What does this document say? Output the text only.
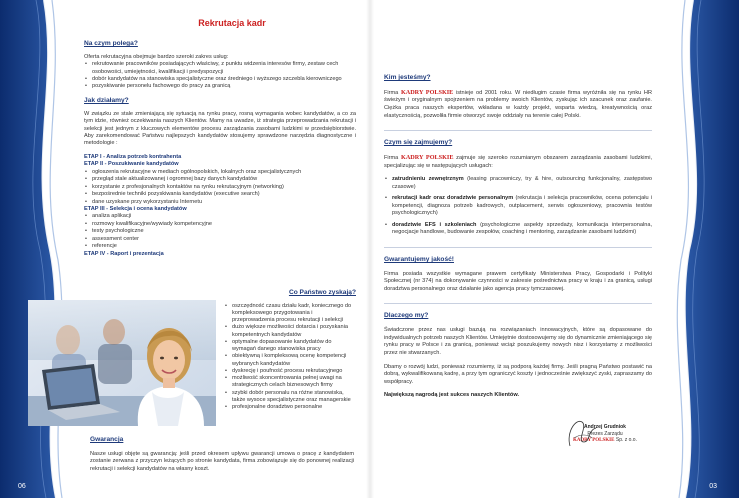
06	03
Rekrutacja kadr
Na czym polega?
Oferta rekrutacyjna obejmuje bardzo szeroki zakres usług:
• rekrutowanie pracowników posiadających właściwy, z punktu widzenia interesów firmy, zestaw cech osobowości, umiejętności, kwalifikacji i predyspozycji
• dobór kandydatów na stanowiska specjalistyczne oraz średniego i wyższego szczebla kierowniczego
• pozyskiwanie personelu fachowego do pracy za granicą
Jak działamy?
W związku ze stale zmieniającą się sytuacją na rynku pracy, rosną wymagania wobec kandydatów, a co za tym idzie, również oczekiwania naszych Klientów. Mamy na uwadze, iż strategia przeprowadzania rekrutacji i selekcji jest jednym z kluczowych elementów procesu zarządzania zasobami ludzkimi w przedsiębiorstwie. Aby zarekomendować Państwu najlepszych kandydatów stosujemy sprawdzone narzędzia diagnostyczne i metodologie :
ETAP I - Analiza potrzeb kontrahenta
ETAP II - Poszukiwanie kandydatów
• ogłoszenia rekrutacyjne w mediach ogólnopolskich, lokalnych oraz specjalistycznych
• przegląd stale aktualizowanej i ogromnej bazy danych kandydatów
• korzystanie z profesjonalnych kontaktów na rynku rekrutacyjnym (networking)
• bezpośrednie techniki pozyskiwania kandydatów (executive search)
• dane uzyskane przy wykorzystaniu Internetu
ETAP III - Selekcja i ocena kandydatów
• analiza aplikacji
• rozmowy kwalifikacyjne/wywiady kompetencyjne
• testy psychologiczne
• assessment center
• referencje
ETAP IV - Raport i prezentacja
Co Państwo zyskają?
• oszczędność czasu działu kadr, koniecznego do kompleksowego przygotowania i przeprowadzenia procesu rekrutacji i selekcji
• dużo większe możliwości dotarcia i pozyskania kompetentnych kandydatów
• optymalne dopasowanie kandydatów do wymagań danego stanowiska pracy
• obiektywną i kompleksową ocenę kompetencji wybranych kandydatów
• dyskrecję i poufność procesu rekrutacyjnego
• możliwość skoncentrowania pełnej uwagi na strategicznych celach biznesowych firmy
• szybki dobór personalu na różne stanowiska, także wysoce specjalistyczne oraz managerskie
• profesjonalne doradztwo personalne
Gwarancja
Nasze usługi objęte są gwarancją: jeśli przed okresem upływu gwarancji umowa o pracę z kandydatem zostanie zerwana z przyczyn leżących po stronie kandydata, firma zobowiązuje się do ponownej realizacji rekrutacji i selekcji kandydatów na własny koszt.
Kim jesteśmy?
Firma KADRY POLSKIE istnieje od 2001 roku. W niedługim czasie firma wyróżniła się na rynku HR świeżym i oryginalnym spojrzeniem na problemy swoich Klientów, zyskując ich szacunek oraz zaufanie. Ciężka praca naszych ekspertów, wkładana w każdy projekt, wsparta wiedzą, kreatywnością oraz elastycznością, pozwoliła firmie otworzyć swoje oddziały na terenie całej Polski.
Czym się zajmujemy?
Firma KADRY POLSKIE zajmuje się szeroko rozumianym obszarem zarządzania zasobami ludzkimi, specjalizując się w następujących usługach:
• zatrudnieniu zewnętrznym (leasing pracowniczy, try & hire, outsourcing funkcjonalny, zastępstwo czasowe)
• rekrutacji kadr oraz doradztwie personalnym (rekrutacja i selekcja pracowników, ocena potencjału i kompetencji, diagnoza potrzeb kadrowych, outplacement, serwis ogłoszeniowy, pracownia testów psychologicznych)
• doradztwie EFS i szkoleniach (psychologiczne aspekty sprzedaży, komunikacja interpersonalna, negocjacje handlowe, budowanie zespołów, coaching i mentoring, zarządzanie zasobami ludzkimi)
Gwarantujemy jakość!
Firma posiada wszystkie wymagane prawem certyfikaty Ministerstwa Pracy, Gospodarki i Polityki Społecznej (nr 374) na dokonywanie czynności w zakresie pośrednictwa pracy w kraju i za granicą, usługi doradztwa personalnego oraz działanie jako agencja pracy tymczasowej.
Dlaczego my?
Świadczone przez nas usługi bazują na rozwiązaniach innowacyjnych, które są dopasowane do indywidualnych potrzeb naszych Klientów. Umiejętnie dostosowujemy się do dynamicznie zmieniającego się rynku pracy w Polsce i za granicą, ponieważ wciąż poszukujemy nowych nisz i korzystamy z możliwości przez nie stwarzanych.
Dbamy o rozwój ludzi, ponieważ rozumiemy, iż są podporą każdej firmy. Jeśli pragną Państwo postawić na dobrą, wykwalifikowaną kadrę, a przy tym ograniczyć koszty i jednocześnie zwiększyć zyski, zapraszamy do współpracy.
Największą nagrodą jest sukces naszych Klientów.
Andrzej Grudniok
Prezes Zarządu
KADRY POLSKIE Sp. z o.o.
